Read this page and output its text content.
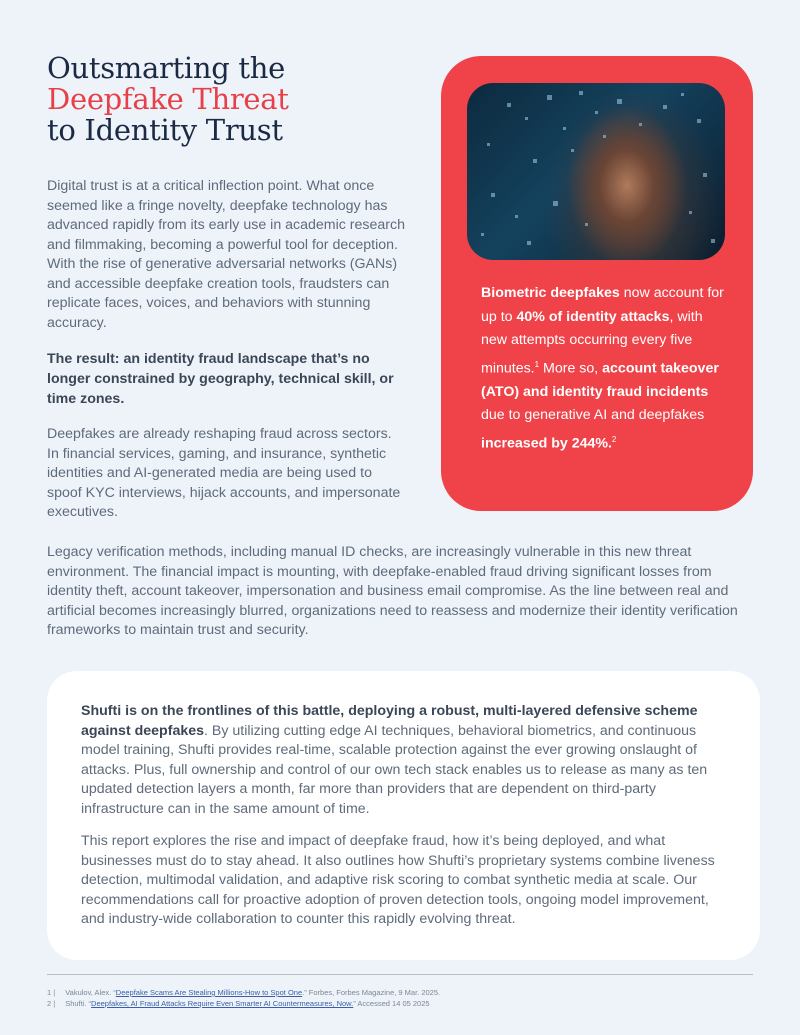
Outsmarting the
Deepfake Threat
to Identity Trust

Digital trust is at a critical inflection point. What once seemed like a fringe novelty, deepfake technology has advanced rapidly from its early use in academic research and filmmaking, becoming a powerful tool for deception. With the rise of generative adversarial networks (GANs) and accessible deepfake creation tools, fraudsters can replicate faces, voices, and behaviors with stunning accuracy.

The result: an identity fraud landscape that’s no longer constrained by geography, technical skill, or time zones.

Deepfakes are already reshaping fraud across sectors. In financial services, gaming, and insurance, synthetic identities and AI-generated media are being used to spoof KYC interviews, hijack accounts, and impersonate executives.

Biometric deepfakes now account for up to 40% of identity attacks, with new attempts occurring every five minutes.$^1$ More so, account takeover (ATO) and identity fraud incidents due to generative AI and deepfakes increased by 244%.$^2$

Legacy verification methods, including manual ID checks, are increasingly vulnerable in this new threat environment. The financial impact is mounting, with deepfake-enabled fraud driving significant losses from identity theft, account takeover, impersonation and business email compromise. As the line between real and artificial becomes increasingly blurred, organizations need to reassess and modernize their identity verification frameworks to maintain trust and security.

Shufti is on the frontlines of this battle, deploying a robust, multi-layered defensive scheme against deepfakes. By utilizing cutting edge AI techniques, behavioral biometrics, and continuous model training, Shufti provides real-time, scalable protection against the ever growing onslaught of attacks. Plus, full ownership and control of our own tech stack enables us to release as many as ten updated detection layers a month, far more than providers that are dependent on third-party infrastructure can in the same amount of time.

This report explores the rise and impact of deepfake fraud, how it’s being deployed, and what businesses must do to stay ahead. It also outlines how Shufti’s proprietary systems combine liveness detection, multimodal validation, and adaptive risk scoring to combat synthetic media at scale. Our recommendations call for proactive adoption of proven detection tools, ongoing model improvement, and industry-wide collaboration to counter this rapidly evolving threat.

1 | Vakulov, Alex. “Deepfake Scams Are Stealing Millions-How to Spot One.” Forbes, Forbes Magazine, 9 Mar. 2025.

2 | Shufti. “Deepfakes, AI Fraud Attacks Require Even Smarter AI Countermeasures, Now.” Accessed 14 05 2025
